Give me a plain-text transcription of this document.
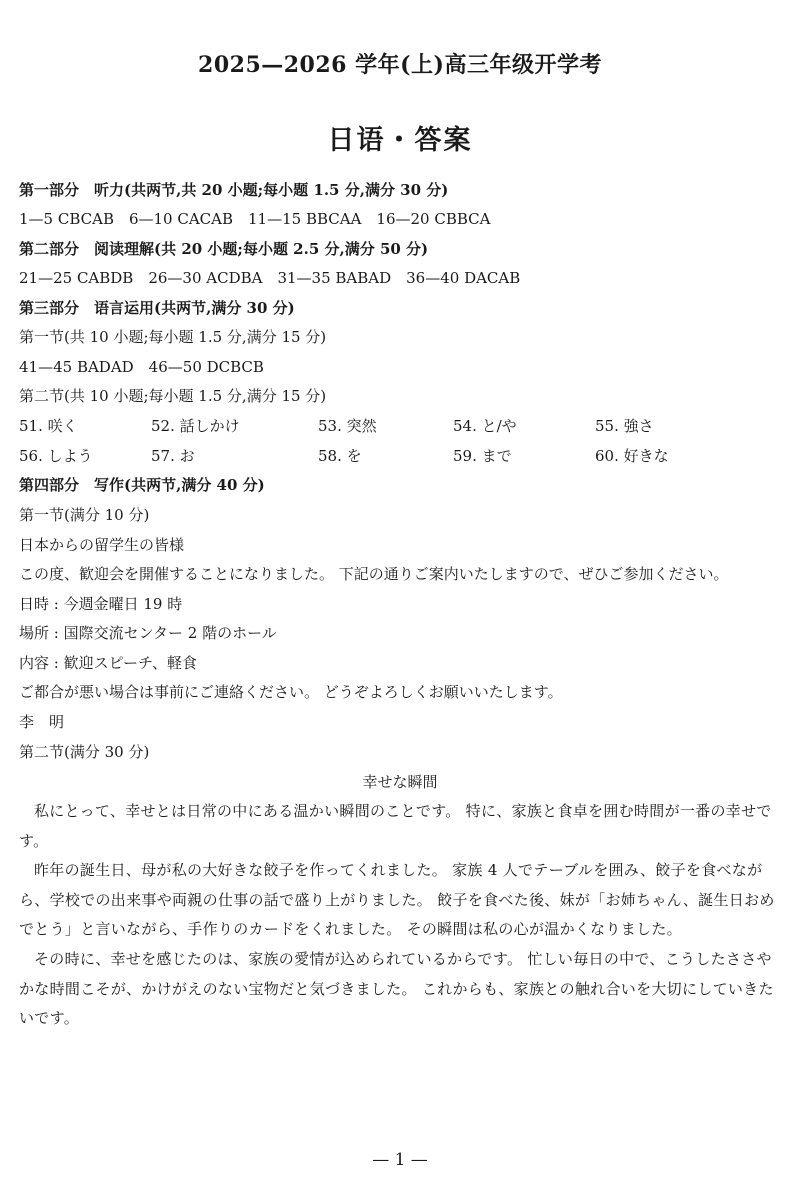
2025—2026 学年(上)高三年级开学考
日语・答案
第一部分　听力(共两节,共 20 小题;每小题 1.5 分,满分 30 分)
1—5 CBCAB　6—10 CACAB　11—15 BBCAA　16—20 CBBCA
第二部分　阅读理解(共 20 小题;每小题 2.5 分,满分 50 分)
21—25 CABDB　26—30 ACDBA　31—35 BABAD　36—40 DACAB
第三部分　语言运用(共两节,满分 30 分)
第一节(共 10 小题;每小题 1.5 分,满分 15 分)
41—45 BADAD　46—50 DCBCB
第二节(共 10 小题;每小题 1.5 分,满分 15 分)
51. 咲く	52. 話しかけ	53. 突然	54. と/や	55. 強さ
56. しよう	57. お	58. を	59. まで	60. 好きな
第四部分　写作(共两节,满分 40 分)
第一节(满分 10 分)
日本からの留学生の皆様
この度、歓迎会を開催することになりました。 下記の通りご案内いたしますので、ぜひご参加ください。
日時 : 今週金曜日 19 時
場所 : 国際交流センター 2 階のホール
内容 : 歓迎スピーチ、軽食
ご都合が悪い場合は事前にご連絡ください。 どうぞよろしくお願いいたします。
李　明
第二节(满分 30 分)
幸せな瞬間
私にとって、幸せとは日常の中にある温かい瞬間のことです。 特に、家族と食卓を囲む時間が一番の幸せです。
昨年の誕生日、母が私の大好きな餃子を作ってくれました。 家族 4 人でテーブルを囲み、餃子を食べながら、学校での出来事や両親の仕事の話で盛り上がりました。 餃子を食べた後、妹が「お姉ちゃん、誕生日おめでとう」と言いながら、手作りのカードをくれました。 その瞬間は私の心が温かくなりました。
その時に、幸せを感じたのは、家族の愛情が込められているからです。 忙しい毎日の中で、こうしたささやかな時間こそが、かけがえのない宝物だと気づきました。 これからも、家族との触れ合いを大切にしていきたいです。
— 1 —
